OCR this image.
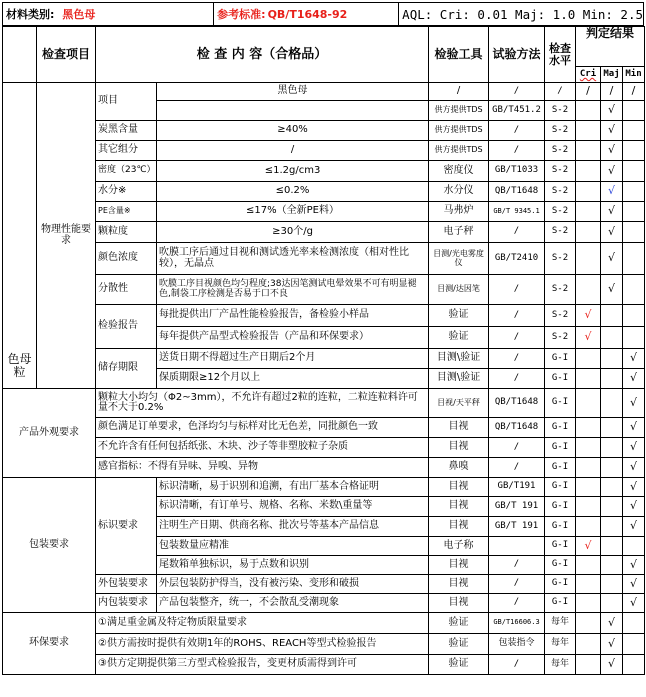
材料类别: 黑色母	参考标准: QB/T1648-92	AQL: Cri: 0.01 Maj: 1.0 Min: 2.5
	检查项目	检 查 内 容（合格品）		检验工具	试验方法	检查水平	判定结果		
							Cri	Maj	Min
色母粒	物理性能要求	项目	黑色母	/	/	/	/	/	/
				供方提供TDS	GB/T451.2	S-2		√	
		炭黑含量	≥40%	供方提供TDS	/	S-2		√	
		其它组分	/	供方提供TDS	/	S-2		√	
		密度（23℃）	≤1.2g/cm3	密度仪	GB/T1033	S-2		√	
		水分※	≤0.2%	水分仪	QB/T1648	S-2		√	
		PE含量※	≤17%（全新PE料）	马弗炉	GB/T 9345.1	S-2		√	
		颗粒度	≥30个/g	电子秤	/	S-2		√	
		颜色浓度	吹膜工序后通过目视和测试透光率来检测浓度（相对性比较），无晶点	目测/光电雾度仪	GB/T2410	S-2		√	
		分散性	吹膜工序目视颜色均匀程度;38达因笔测试电晕效果不可有明显褪色,制袋工序检测是否易于口不良	目测/达因笔	/	S-2		√	
		检验报告	每批提供出厂产品性能检验报告，备检验小样品	验证	/	S-2	√		
			每年提供产品型式检验报告（产品和环保要求）	验证	/	S-2	√		
		储存期限	送货日期不得超过生产日期后2个月	目测\验证	/	G-I			√
			保质期限≥12个月以上	目测\验证	/	G-I			√
产品外观要求		颗粒大小均匀（Φ2~3mm），不允许有超过2粒的连粒，二粒连粒料许可量不大于0.2%		目视/天平秤	QB/T1648	G-I			√
		颜色满足订单要求，色泽均匀与标样对比无色差，同批颜色一致		目视	QB/T1648	G-I			√
		不允许含有任何包括纸张、木块、沙子等非塑胶粒子杂质		目视	/	G-I			√
		感官指标：不得有异味、异嗅、异物		鼻嗅	/	G-I			√
包装要求		标识要求	标识清晰，易于识别和追溯，有出厂基本合格证明	目视	GB/T191	G-I			√
			标识清晰，有订单号、规格、名称、米数\重量等	目视	GB/T 191	G-I			√
			注明生产日期、供商名称、批次号等基本产品信息	目视	GB/T 191	G-I			√
			包装数量应精准	电子称		G-I	√		
			尾数箱单独标识，易于点数和识别	目视	/	G-I			√
		外包装要求	外层包装防护得当，没有被污染、变形和破损	目视	/	G-I			√
		内包装要求	产品包装整齐，统一，不会散乱受潮现象	目视	/	G-I			√
环保要求		①满足重金属及特定物质限量要求		验证	GB/T16606.3	每年		√	
		②供方需按时提供有效期1年的ROHS、REACH等型式检验报告		验证	包装指令	每年		√	
		③供方定期提供第三方型式检验报告，变更材质需得到许可		验证	/	每年		√	
